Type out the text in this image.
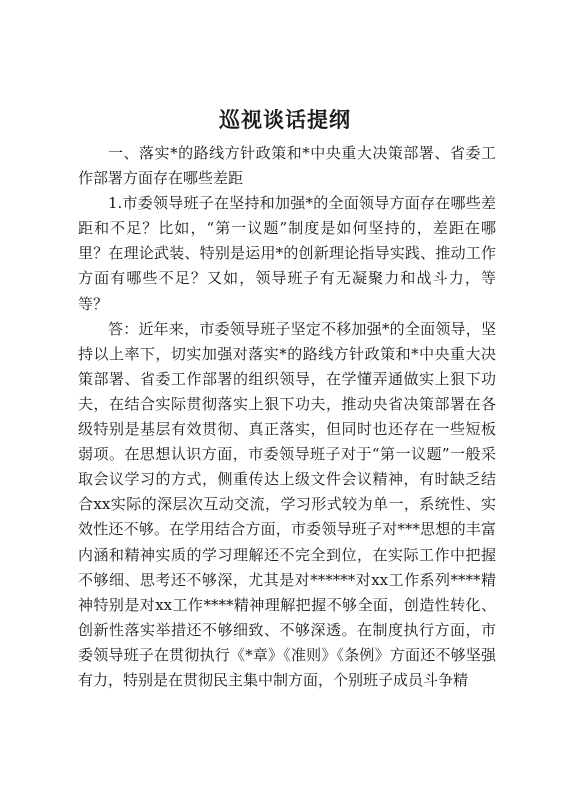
巡视谈话提纲

一、落实*的路线方针政策和*中央重大决策部署、省委工作部署方面存在哪些差距

1.市委领导班子在坚持和加强*的全面领导方面存在哪些差距和不足？比如，“第一议题”制度是如何坚持的，差距在哪里？在理论武装、特别是运用*的创新理论指导实践、推动工作方面有哪些不足？又如，领导班子有无凝聚力和战斗力，等等？

答：近年来，市委领导班子坚定不移加强*的全面领导，坚持以上率下，切实加强对落实*的路线方针政策和*中央重大决策部署、省委工作部署的组织领导，在学懂弄通做实上狠下功夫，在结合实际贯彻落实上狠下功夫，推动央省决策部署在各级特别是基层有效贯彻、真正落实，但同时也还存在一些短板弱项。在思想认识方面，市委领导班子对于“第一议题”一般采取会议学习的方式，侧重传达上级文件会议精神，有时缺乏结合xx实际的深层次互动交流，学习形式较为单一，系统性、实效性还不够。在学用结合方面，市委领导班子对***思想的丰富内涵和精神实质的学习理解还不完全到位，在实际工作中把握不够细、思考还不够深，尤其是对******对xx工作系列****精神特别是对xx工作****精神理解把握不够全面，创造性转化、创新性落实举措还不够细致、不够深透。在制度执行方面，市委领导班子在贯彻执行《*章》《准则》《条例》方面还不够坚强有力，特别是在贯彻民主集中制方面，个别班子成员斗争精
